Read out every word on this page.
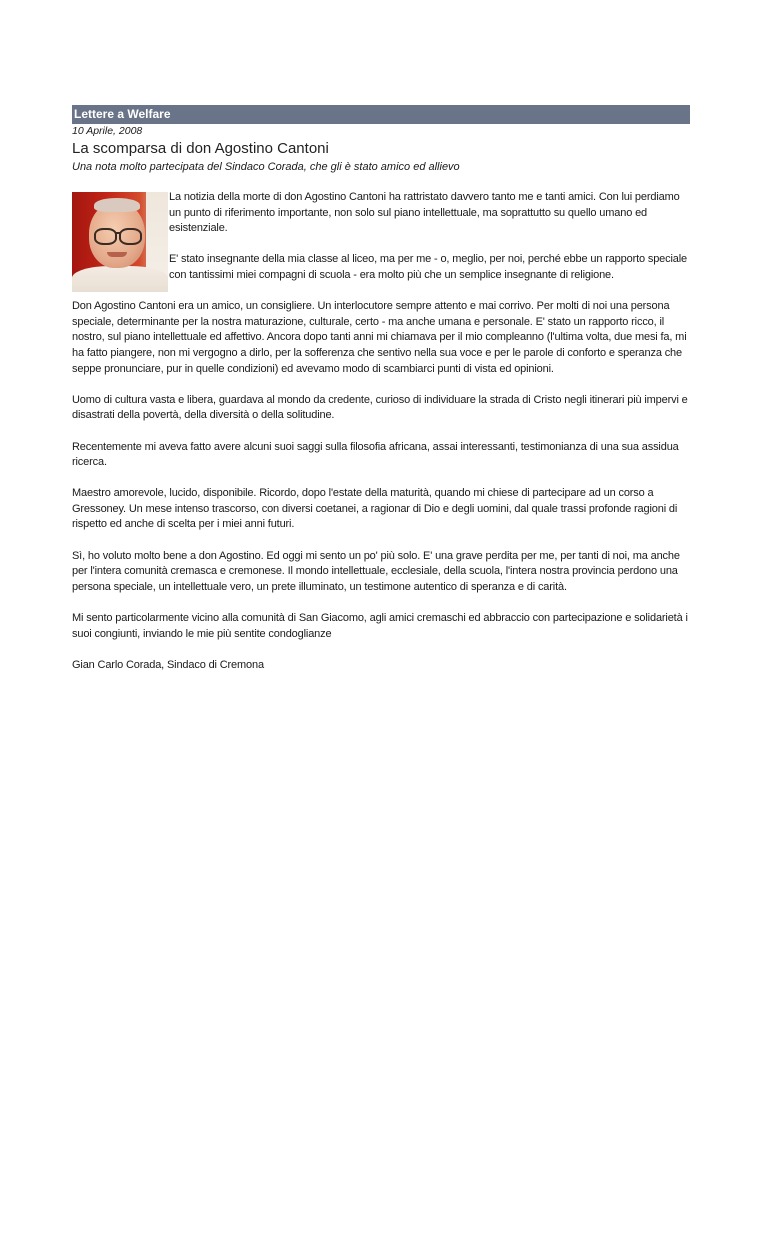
Lettere a Welfare
10 Aprile, 2008
La scomparsa di don Agostino Cantoni
Una nota molto partecipata del Sindaco Corada, che gli è stato amico ed allievo

La notizia della morte di don Agostino Cantoni ha rattristato davvero tanto me e tanti amici. Con lui perdiamo un punto di riferimento importante, non solo sul piano intellettuale, ma soprattutto su quello umano ed esistenziale.

E' stato insegnante della mia classe al liceo, ma per me - o, meglio, per noi, perché ebbe un rapporto speciale con tantissimi miei compagni di scuola - era molto più che un semplice insegnante di religione.

Don Agostino Cantoni era un amico, un consigliere. Un interlocutore sempre attento e mai corrivo. Per molti di noi una persona speciale, determinante per la nostra maturazione, culturale, certo - ma anche umana e personale. E' stato un rapporto ricco, il nostro, sul piano intellettuale ed affettivo. Ancora dopo tanti anni mi chiamava per il mio compleanno (l'ultima volta, due mesi fa, mi ha fatto piangere, non mi vergogno a dirlo, per la sofferenza che sentivo nella sua voce e per le parole di conforto e speranza che seppe pronunciare, pur in quelle condizioni) ed avevamo modo di scambiarci punti di vista ed opinioni.

Uomo di cultura vasta e libera, guardava al mondo da credente, curioso di individuare la strada di Cristo negli itinerari più impervi e disastrati della povertà, della diversità o della solitudine.

Recentemente mi aveva fatto avere alcuni suoi saggi sulla filosofia africana, assai interessanti, testimonianza di una sua assidua ricerca.

Maestro amorevole, lucido, disponibile. Ricordo, dopo l'estate della maturità, quando mi chiese di partecipare ad un corso a Gressoney. Un mese intenso trascorso, con diversi coetanei, a ragionar di Dio e degli uomini, dal quale trassi profonde ragioni di rispetto ed anche di scelta per i miei anni futuri.

Sì, ho voluto molto bene a don Agostino. Ed oggi mi sento un po' più solo. E' una grave perdita per me, per tanti di noi, ma anche per l'intera comunità cremasca e cremonese. Il mondo intellettuale, ecclesiale, della scuola, l'intera nostra provincia perdono una persona speciale, un intellettuale vero, un prete illuminato, un testimone autentico di speranza e di carità.

Mi sento particolarmente vicino alla comunità di San Giacomo, agli amici cremaschi ed abbraccio con partecipazione e solidarietà i suoi congiunti, inviando le mie più sentite condoglianze

Gian Carlo Corada, Sindaco di Cremona
